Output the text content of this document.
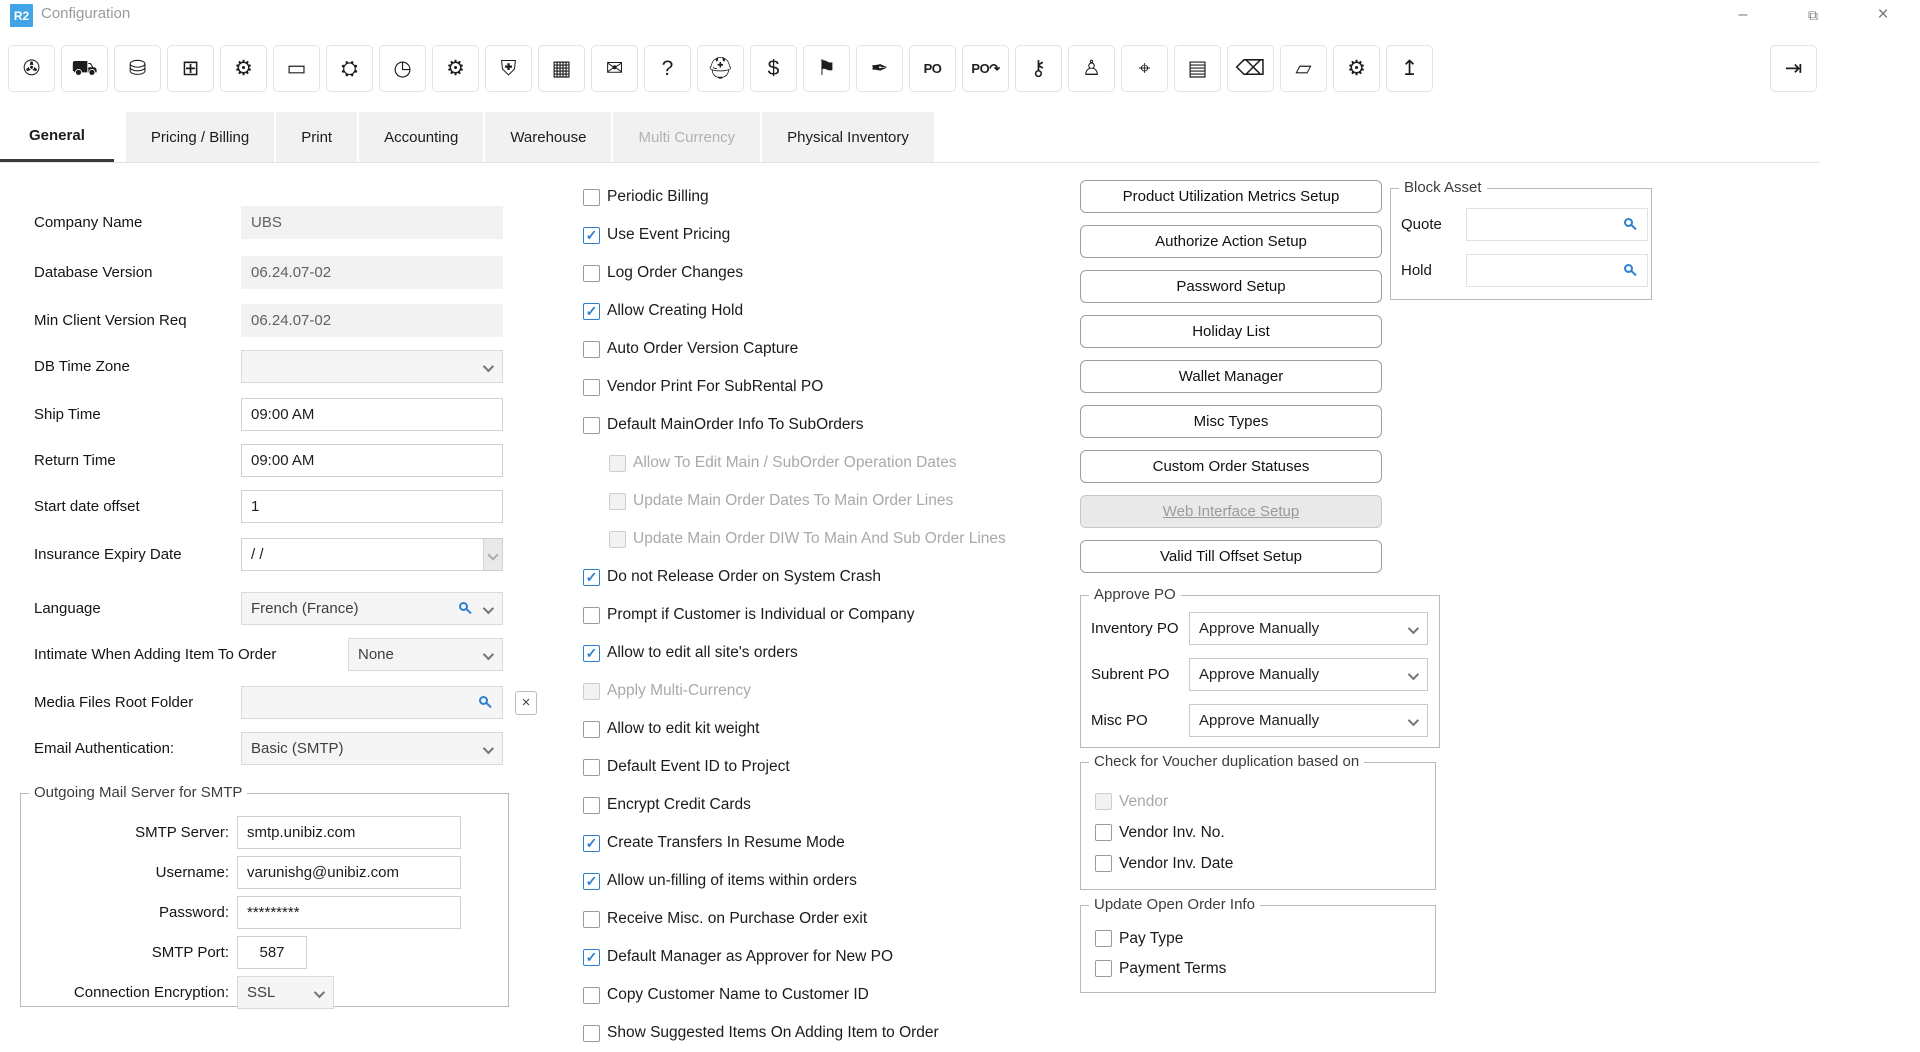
R2 Configuration	–	⧉	×
✇ ⛟ ⛁ ⊞ ⚙ ▭ ⛭ ◷ ⚙ ⛨ ▦ ✉ ? ⛑ $ ⚑ ✒	PO PO↷ ⚷ ♙ ⌖ ▤ ⌫ ▱ ⚙ ↥	⇥
General	Pricing / Billing	Print	Accounting	Warehouse	Multi Currency	Physical Inventory
Company Name	UBS
Database Version	06.24.07-02
Min Client Version Req	06.24.07-02
DB Time Zone
Ship Time	09:00 AM
Return Time	09:00 AM
Start date offset	1
Insurance Expiry Date	/ /
Language	French (France)
Intimate When Adding Item To Order	None
Media Files Root Folder	×
Email Authentication:	Basic (SMTP)
Outgoing Mail Server for SMTP
SMTP Server: smtp.unibiz.com
Username: varunishg@unibiz.com
Password: *********
SMTP Port: 587
Connection Encryption: SSL
Periodic Billing
✓
Use Event Pricing
Log Order Changes
✓
Allow Creating Hold
Auto Order Version Capture
Vendor Print For SubRental PO
Default MainOrder Info To SubOrders
Allow To Edit Main / SubOrder Operation Dates
Update Main Order Dates To Main Order Lines
Update Main Order DIW To Main And Sub Order Lines
✓
Do not Release Order on System Crash
Prompt if Customer is Individual or Company
✓
Allow to edit all site's orders
Apply Multi-Currency
Allow to edit kit weight
Default Event ID to Project
Encrypt Credit Cards
✓
Create Transfers In Resume Mode
✓
Allow un-filling of items within orders
Receive Misc. on Purchase Order exit
✓
Default Manager as Approver for New PO
Copy Customer Name to Customer ID
Show Suggested Items On Adding Item to Order
Product Utilization Metrics Setup
Authorize Action Setup
Password Setup
Holiday List
Wallet Manager
Misc Types
Custom Order Statuses
Web Interface Setup
Valid Till Offset Setup
Block Asset
Quote
Hold
Approve PO
Inventory PO	Approve Manually
Subrent PO	Approve Manually
Misc PO	Approve Manually
Check for Voucher duplication based on
Vendor
Vendor Inv. No.
Vendor Inv. Date
Update Open Order Info
Pay Type
Payment Terms
